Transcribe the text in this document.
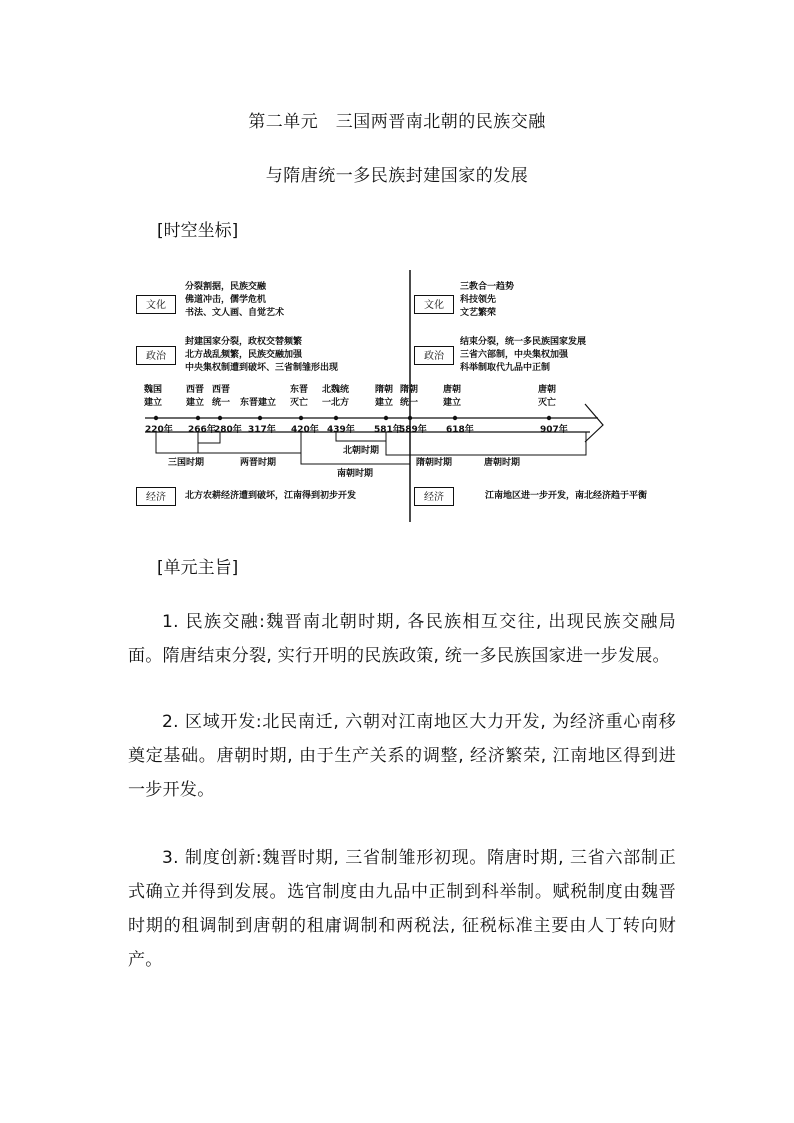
第二单元　三国两晋南北朝的民族交融
与隋唐统一多民族封建国家的发展
[时空坐标]
文化
分裂割据，民族交融
佛道冲击，儒学危机
书法、文人画、自觉艺术
政治
封建国家分裂，政权交替频繁
北方战乱频繁，民族交融加强
中央集权制遭到破坏、三省制雏形出现
经济	北方农耕经济遭到破坏，江南得到初步开发
文化
三教合一趋势
科技领先
文艺繁荣
政治
结束分裂，统一多民族国家发展
三省六部制，中央集权加强
科举制取代九品中正制
经济	江南地区进一步开发，南北经济趋于平衡
魏国
建立
西晋
建立
西晋
统一 东晋建立
东晋
灭亡
北魏统
一北方
隋朝
建立
隋朝
统一
唐朝
建立
唐朝
灭亡
220年 266年
280年 317年 420年 439年 581年
589年 618年	907年
三国时期	两晋时期
北朝时期
南朝时期
隋朝时期	唐朝时期
[单元主旨]

1. 民族交融:魏晋南北朝时期, 各民族相互交往, 出现民族交融局面。隋唐结束分裂, 实行开明的民族政策, 统一多民族国家进一步发展。

2. 区域开发:北民南迁, 六朝对江南地区大力开发, 为经济重心南移奠定基础。唐朝时期, 由于生产关系的调整, 经济繁荣, 江南地区得到进一步开发。

3. 制度创新:魏晋时期, 三省制雏形初现。隋唐时期, 三省六部制正式确立并得到发展。选官制度由九品中正制到科举制。赋税制度由魏晋时期的租调制到唐朝的租庸调制和两税法, 征税标准主要由人丁转向财产。
